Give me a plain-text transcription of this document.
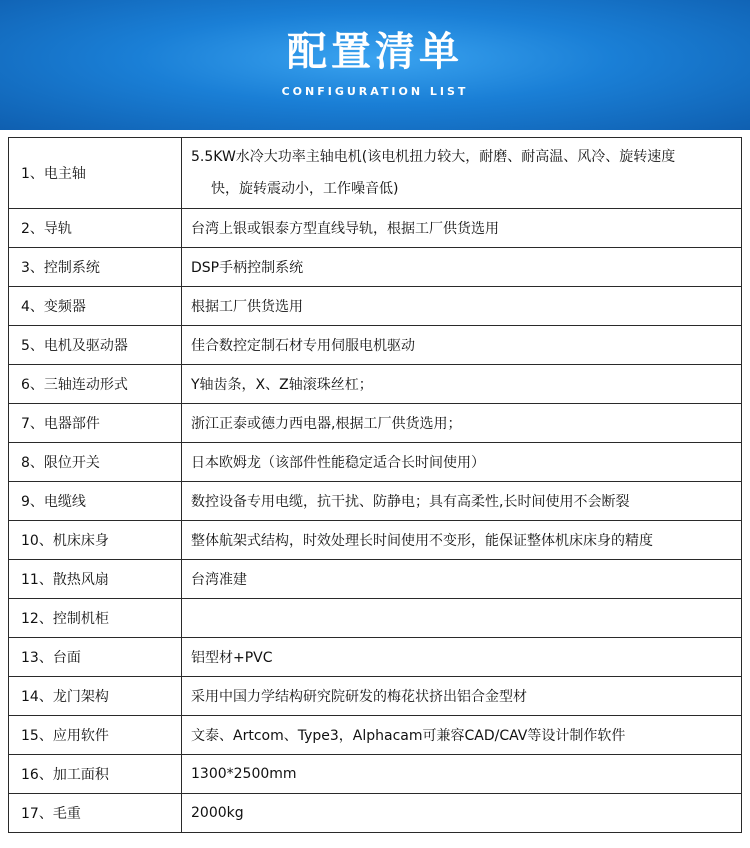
配置清单
CONFIGURATION LIST
1、电主轴	5.5KW水冷大功率主轴电机(该电机扭力较大，耐磨、耐高温、风冷、旋转速度
快，旋转震动小，工作噪音低)

2、导轨	台湾上银或银泰方型直线导轨，根据工厂供货选用
3、控制系统	DSP手柄控制系统
4、变频器	根据工厂供货选用
5、电机及驱动器	佳合数控定制石材专用伺服电机驱动
6、三轴连动形式	Y轴齿条，X、Z轴滚珠丝杠；
7、电器部件	浙江正泰或德力西电器,根据工厂供货选用；
8、限位开关	日本欧姆龙（该部件性能稳定适合长时间使用）
9、电缆线	数控设备专用电缆，抗干扰、防静电；具有高柔性,长时间使用不会断裂
10、机床床身	整体航架式结构，时效处理长时间使用不变形，能保证整体机床床身的精度
11、散热风扇	台湾准建
12、控制机柜	
13、台面	铝型材+PVC
14、龙门架构	采用中国力学结构研究院研发的梅花状挤出铝合金型材
15、应用软件	文泰、Artcom、Type3，Alphacam可兼容CAD/CAV等设计制作软件
16、加工面积	1300*2500mm
17、毛重	2000kg
